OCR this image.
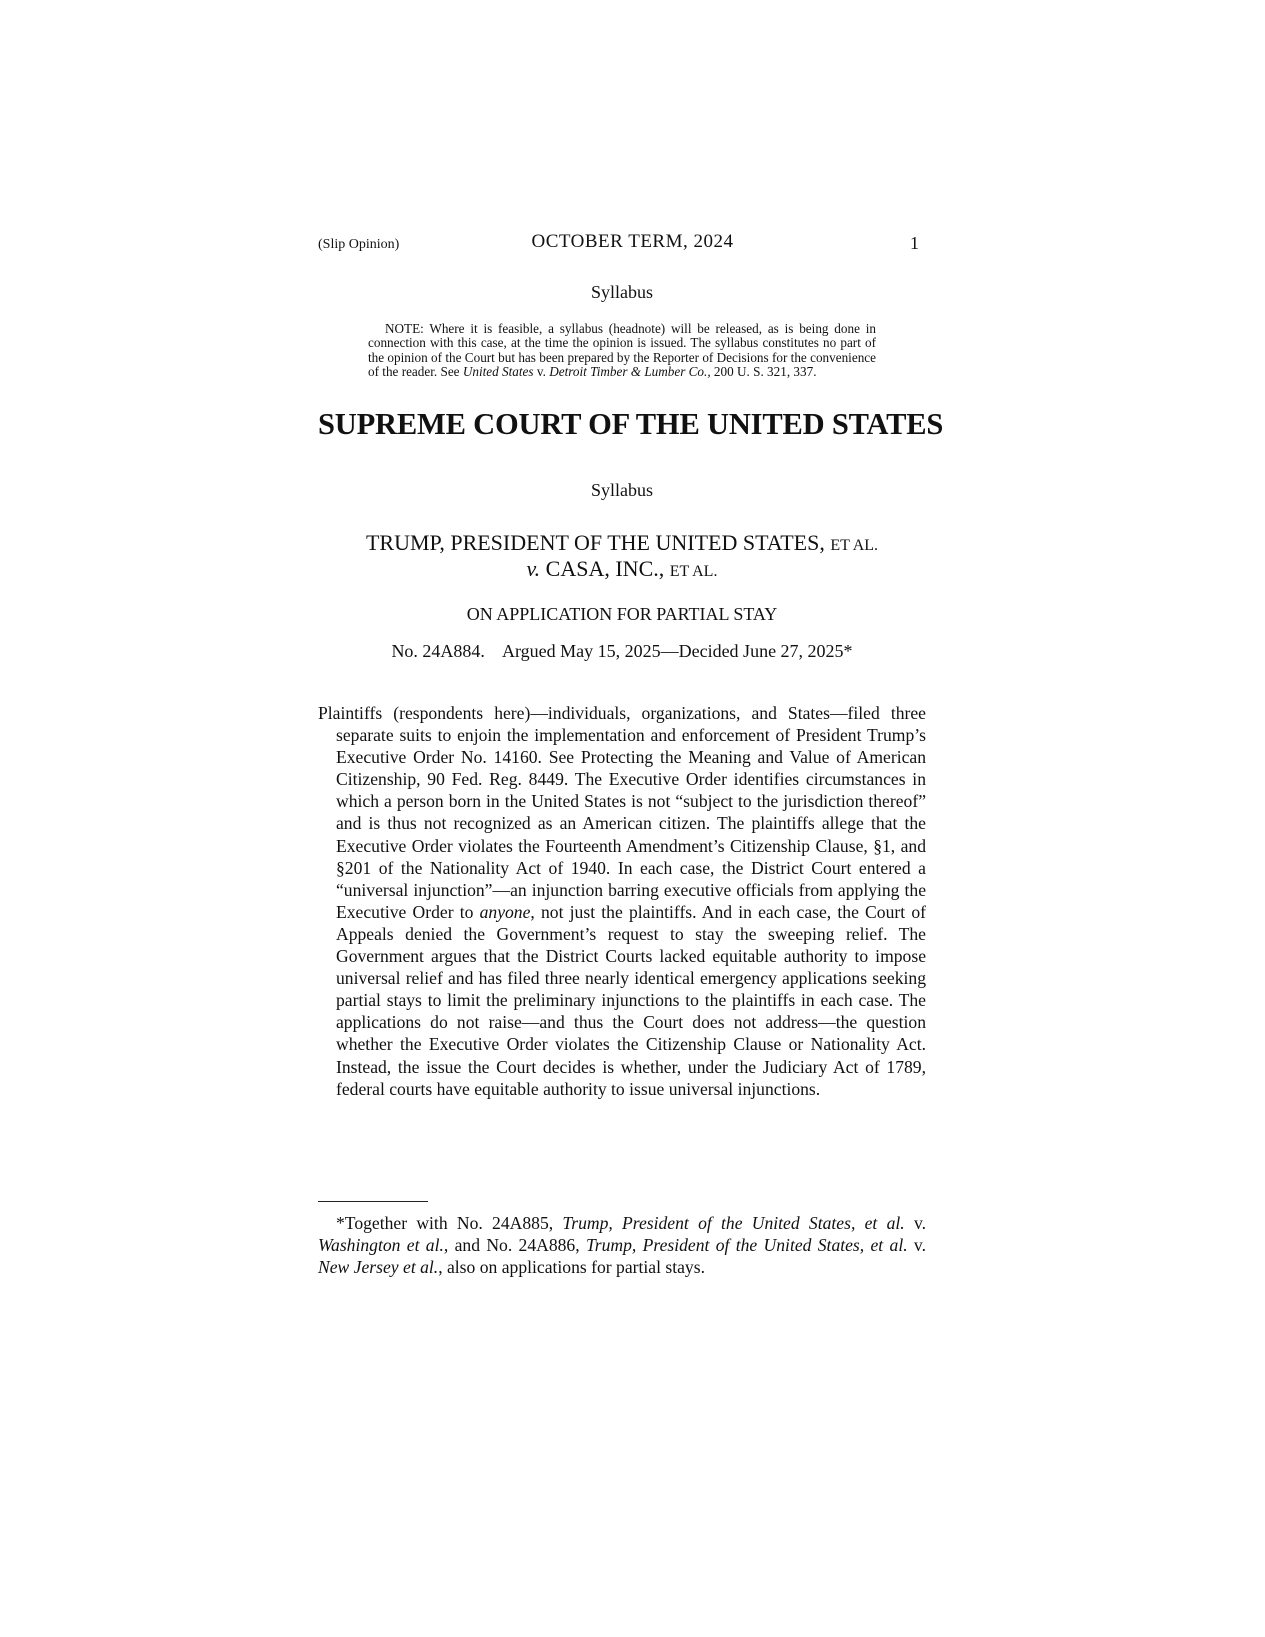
(Slip Opinion)	OCTOBER TERM, 2024	1
Syllabus
NOTE: Where it is feasible, a syllabus (headnote) will be released, as is being done in connection with this case, at the time the opinion is issued. The syllabus constitutes no part of the opinion of the Court but has been prepared by the Reporter of Decisions for the convenience of the reader. See United States v. Detroit Timber & Lumber Co., 200 U. S. 321, 337.
SUPREME COURT OF THE UNITED STATES
Syllabus
TRUMP, PRESIDENT OF THE UNITED STATES, ET AL.
v. CASA, INC., ET AL.
ON APPLICATION FOR PARTIAL STAY
No. 24A884.    Argued May 15, 2025—Decided June 27, 2025*
Plaintiffs (respondents here)—individuals, organizations, and States—filed three separate suits to enjoin the implementation and enforcement of President Trump’s Executive Order No. 14160. See Protecting the Meaning and Value of American Citizenship, 90 Fed. Reg. 8449. The Executive Order identifies circumstances in which a person born in the United States is not “subject to the jurisdiction thereof” and is thus not recognized as an American citizen. The plaintiffs allege that the Executive Order violates the Fourteenth Amendment’s Citizenship Clause, §1, and §201 of the Nationality Act of 1940. In each case, the District Court entered a “universal injunction”—an injunction barring executive officials from applying the Executive Order to anyone, not just the plaintiffs. And in each case, the Court of Appeals denied the Government’s request to stay the sweeping relief. The Government argues that the District Courts lacked equitable authority to impose universal relief and has filed three nearly identical emergency applications seeking partial stays to limit the preliminary injunctions to the plaintiffs in each case. The applications do not raise—and thus the Court does not address—the question whether the Executive Order violates the Citizenship Clause or Nationality Act. Instead, the issue the Court decides is whether, under the Judiciary Act of 1789, federal courts have equitable authority to issue universal injunctions.
*Together with No. 24A885, Trump, President of the United States, et al. v. Washington et al., and No. 24A886, Trump, President of the United States, et al. v. New Jersey et al., also on applications for partial stays.
